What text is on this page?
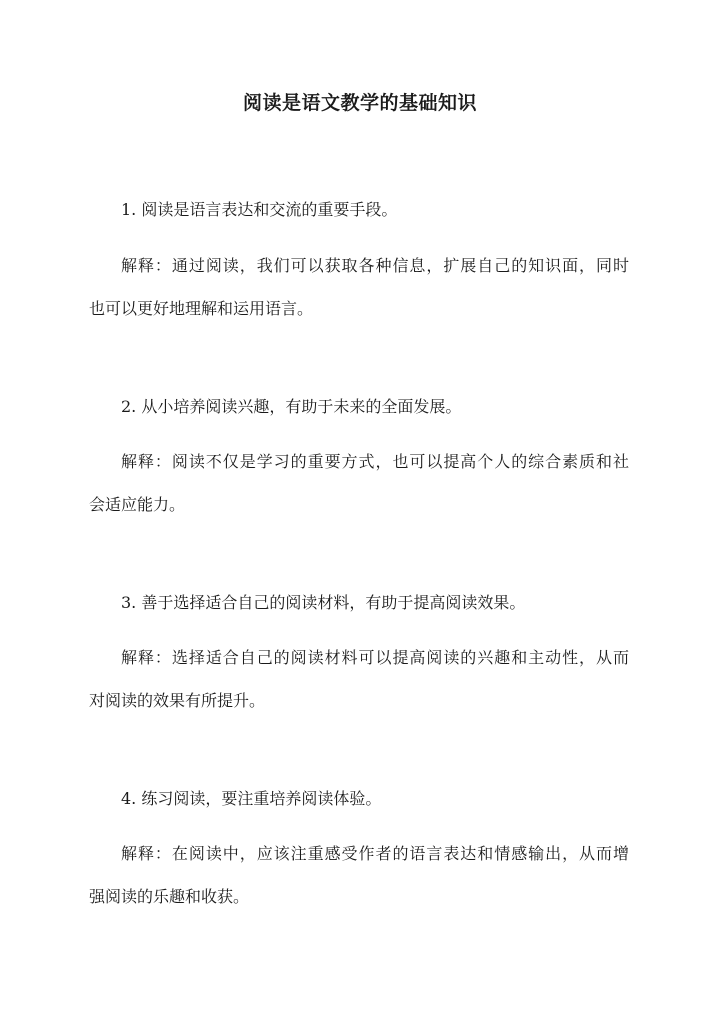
阅读是语文教学的基础知识

1. 阅读是语言表达和交流的重要手段。

解释：通过阅读，我们可以获取各种信息，扩展自己的知识面，同时

也可以更好地理解和运用语言。

2. 从小培养阅读兴趣，有助于未来的全面发展。

解释：阅读不仅是学习的重要方式，也可以提高个人的综合素质和社

会适应能力。

3. 善于选择适合自己的阅读材料，有助于提高阅读效果。

解释：选择适合自己的阅读材料可以提高阅读的兴趣和主动性，从而

对阅读的效果有所提升。

4. 练习阅读，要注重培养阅读体验。

解释：在阅读中，应该注重感受作者的语言表达和情感输出，从而增

强阅读的乐趣和收获。
